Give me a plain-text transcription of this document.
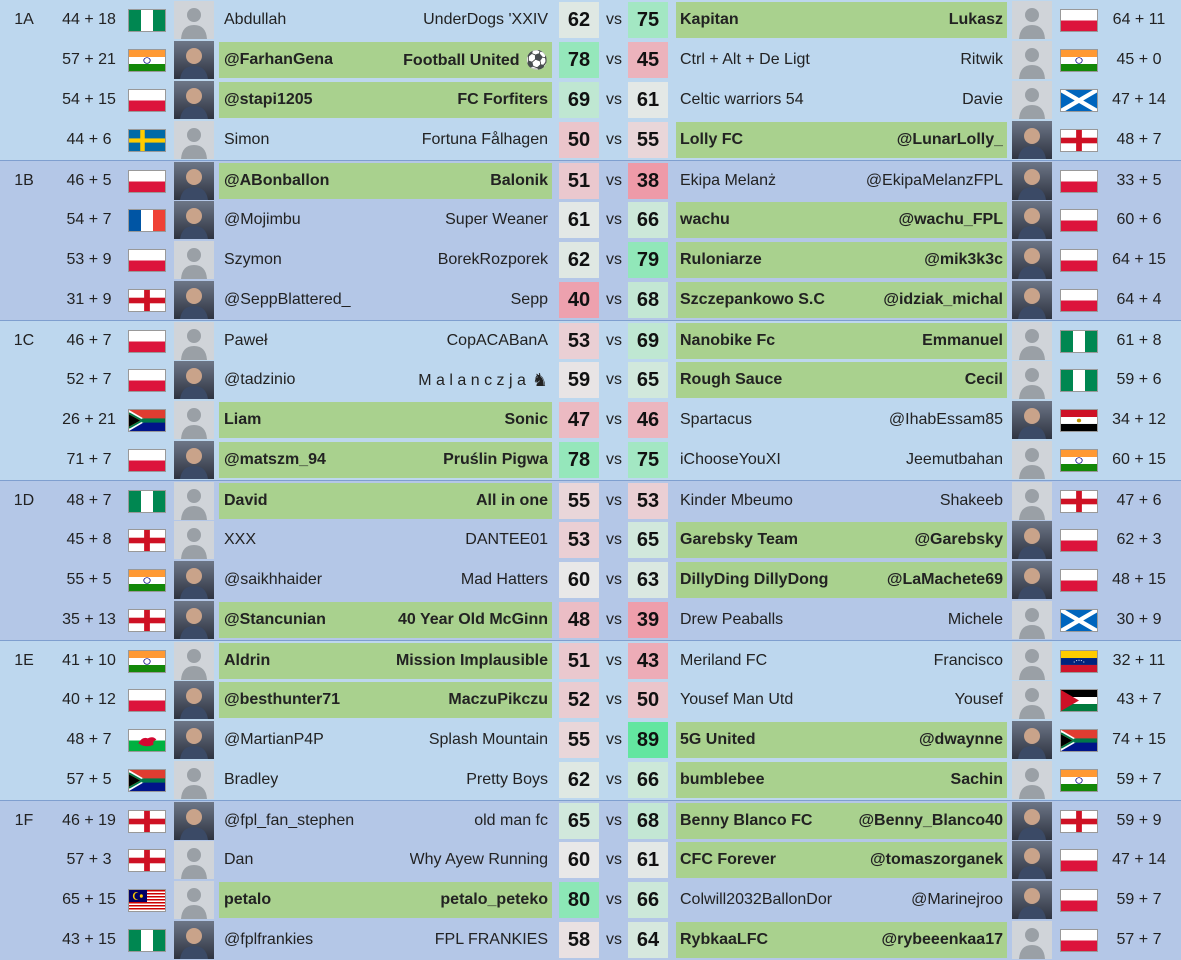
1A	44 + 18	Abdullah	UnderDogs 'XXIV 62 vs 75	Kapitan	Lukasz	64 + 11
57 + 21	@FarhanGena	Football United ⚽ 78 vs 45	Ctrl + Alt + De Ligt	Ritwik	45 + 0
54 + 15	@stapi1205	FC Forfiters 69 vs 61	Celtic warriors 54	Davie	47 + 14
44 + 6	Simon	Fortuna Fålhagen 50 vs 55	Lolly FC	@LunarLolly_	48 + 7
1B	46 + 5	@ABonballon	Balonik 51 vs 38	Ekipa Melanż	@EkipaMelanzFPL	33 + 5
54 + 7	@Mojimbu	Super Weaner 61 vs 66	wachu	@wachu_FPL	60 + 6
53 + 9	Szymon	BorekRozporek 62 vs 79	Ruloniarze	@mik3k3c	64 + 15
31 + 9	@SeppBlattered_	Sepp 40 vs 68	Szczepankowo S.C	@idziak_michal	64 + 4
1C	46 + 7	Paweł	CopACABanA 53 vs 69	Nanobike Fc	Emmanuel	61 + 8
52 + 7	@tadzinio	M a l a n c z j a ♞ 59 vs 65	Rough Sauce	Cecil	59 + 6
26 + 21	Liam	Sonic 47 vs 46	Spartacus	@IhabEssam85	34 + 12
71 + 7	@matszm_94	Pruślin Pigwa 78 vs 75	iChooseYouXI	Jeemutbahan	60 + 15
1D	48 + 7	David	All in one 55 vs 53	Kinder Mbeumo	Shakeeb	47 + 6
45 + 8	XXX	DANTEE01 53 vs 65	Garebsky Team	@Garebsky	62 + 3
55 + 5	@saikhhaider	Mad Hatters 60 vs 63	DillyDing DillyDong	@LaMachete69	48 + 15
35 + 13	@Stancunian	40 Year Old McGinn 48 vs 39	Drew Peaballs	Michele	30 + 9
1E	41 + 10	Aldrin	Mission Implausible 51 vs 43	Meriland FC	Francisco	32 + 11
40 + 12	@besthunter71	MaczuPikczu 52 vs 50	Yousef Man Utd	Yousef	43 + 7
48 + 7	@MartianP4P	Splash Mountain 55 vs 89	5G United	@dwaynne	74 + 15
57 + 5	Bradley	Pretty Boys 62 vs 66	bumblebee	Sachin	59 + 7
1F	46 + 19	@fpl_fan_stephen	old man fc 65 vs 68	Benny Blanco FC	@Benny_Blanco40	59 + 9
57 + 3	Dan	Why Ayew Running 60 vs 61	CFC Forever	@tomaszorganek	47 + 14
65 + 15	petalo	petalo_peteko 80 vs 66	Colwill2032BallonDor	@Marinejroo	59 + 7
43 + 15	@fplfrankies	FPL FRANKIES 58 vs 64	RybkaaLFC	@rybeeenkaa17	57 + 7
